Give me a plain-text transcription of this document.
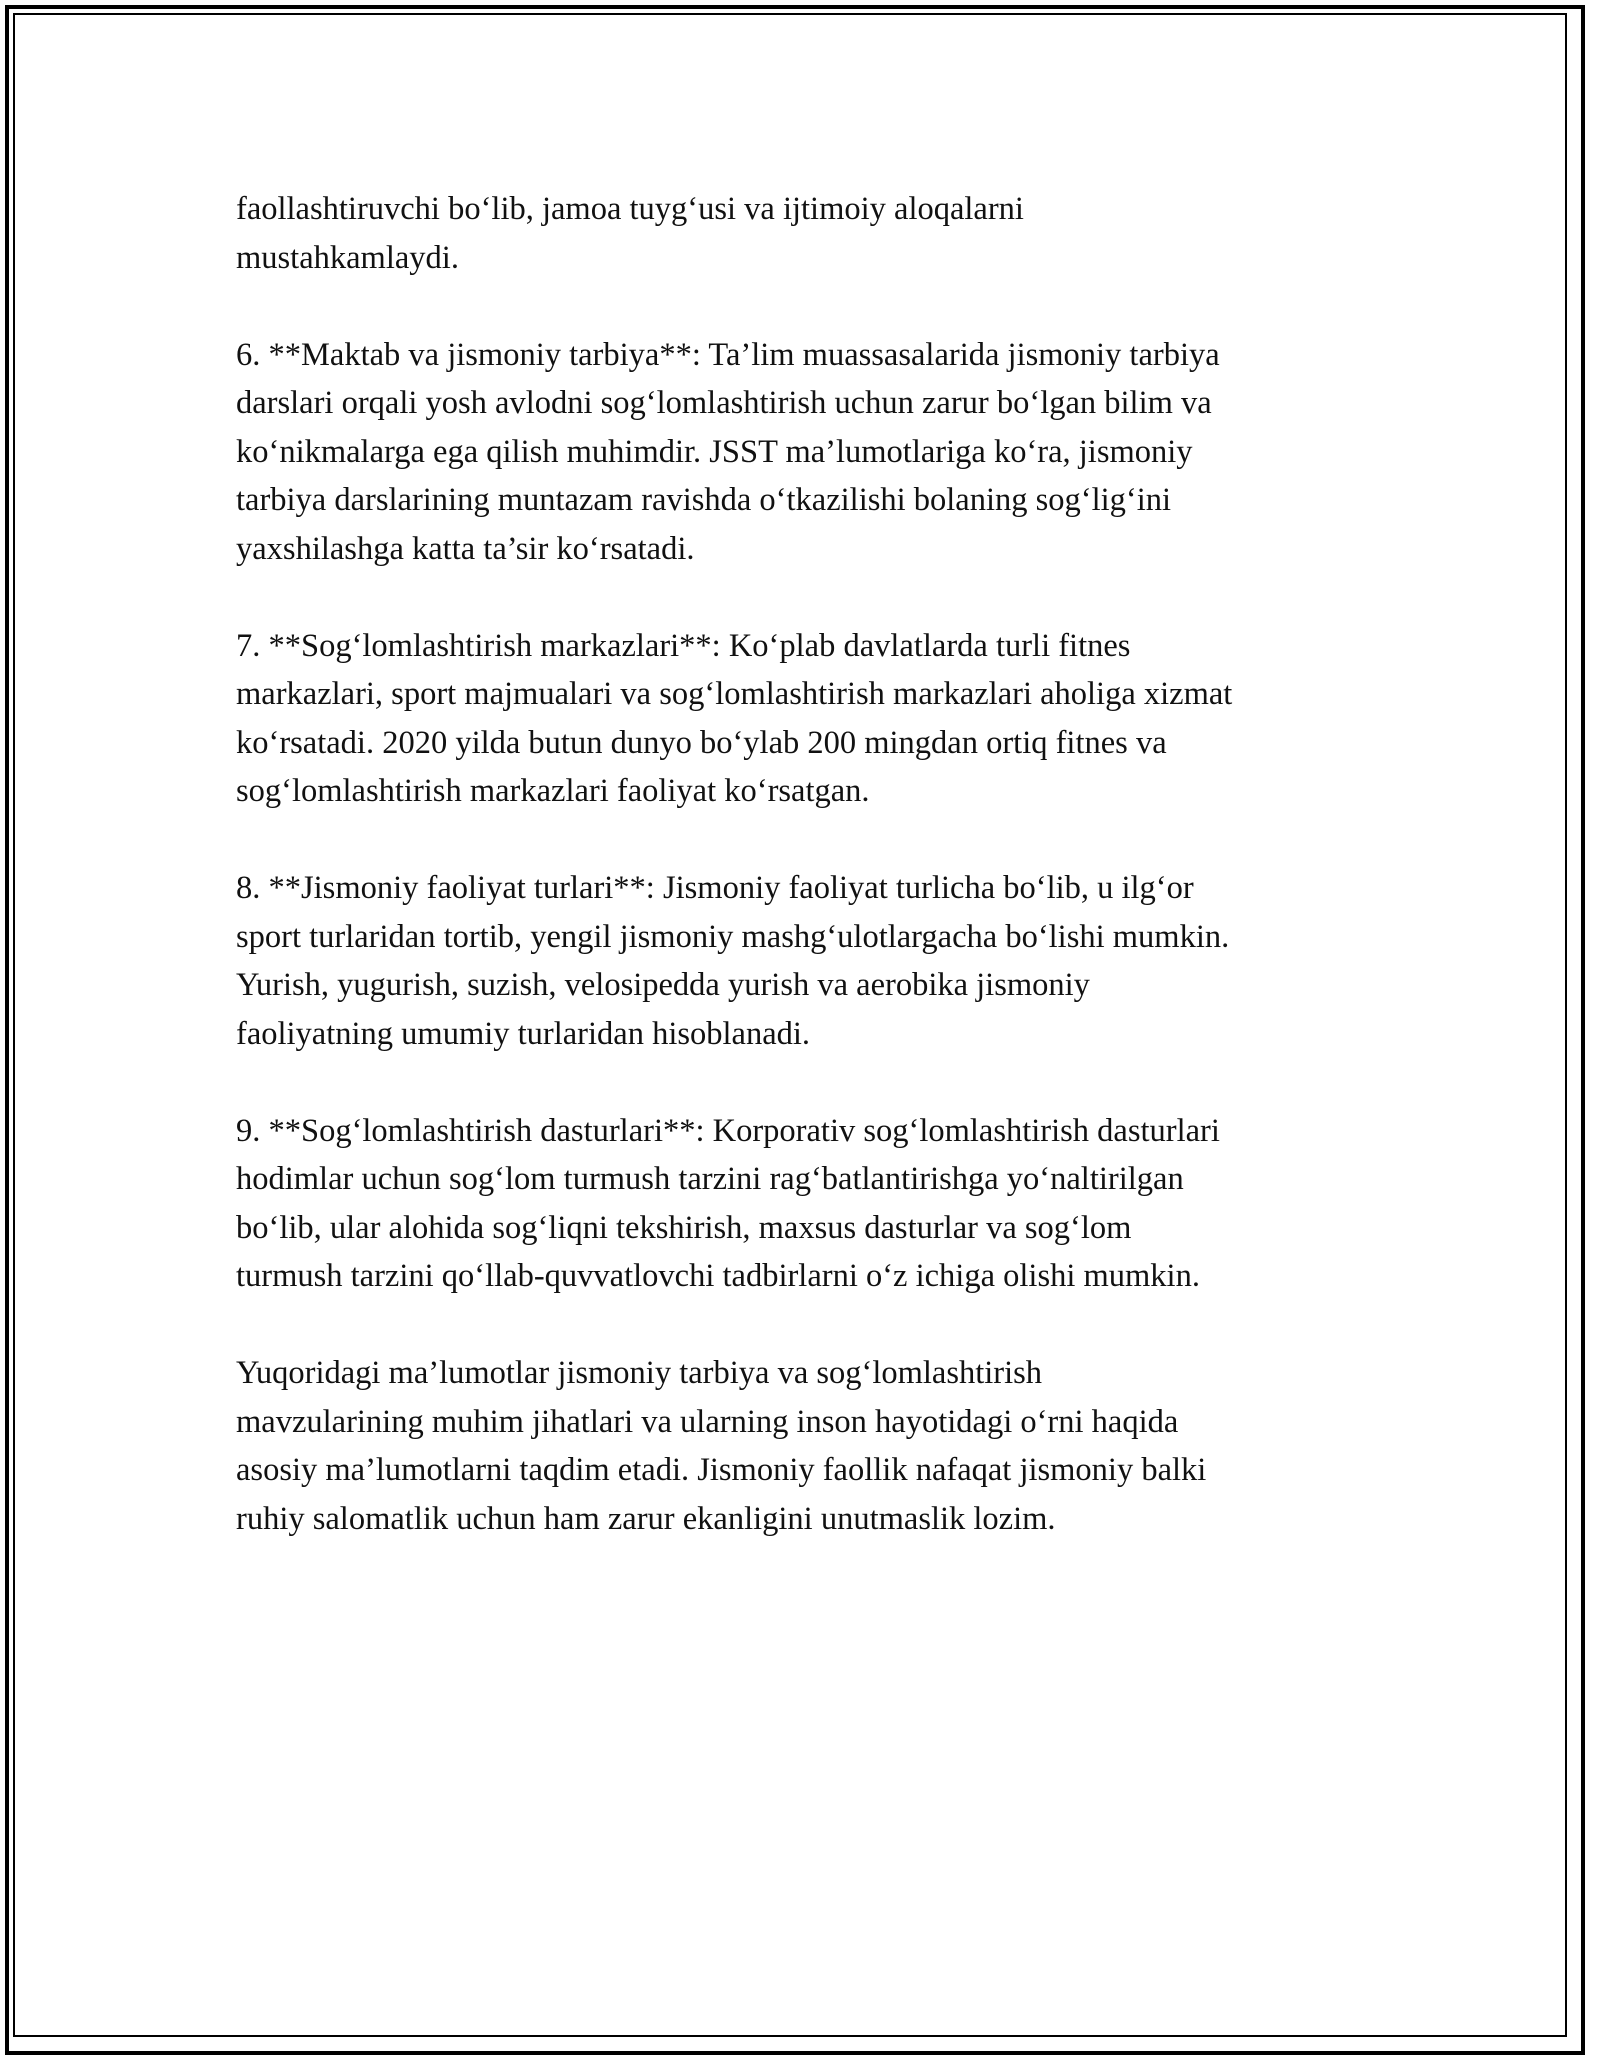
faollashtiruvchi bo‘lib, jamoa tuyg‘usi va ijtimoiy aloqalarni
mustahkamlaydi.

6. **Maktab va jismoniy tarbiya**: Ta’lim muassasalarida jismoniy tarbiya
darslari orqali yosh avlodni sog‘lomlashtirish uchun zarur bo‘lgan bilim va
ko‘nikmalarga ega qilish muhimdir. JSST ma’lumotlariga ko‘ra, jismoniy
tarbiya darslarining muntazam ravishda o‘tkazilishi bolaning sog‘lig‘ini
yaxshilashga katta ta’sir ko‘rsatadi.

7. **Sog‘lomlashtirish markazlari**: Ko‘plab davlatlarda turli fitnes
markazlari, sport majmualari va sog‘lomlashtirish markazlari aholiga xizmat
ko‘rsatadi. 2020 yilda butun dunyo bo‘ylab 200 mingdan ortiq fitnes va
sog‘lomlashtirish markazlari faoliyat ko‘rsatgan.

8. **Jismoniy faoliyat turlari**: Jismoniy faoliyat turlicha bo‘lib, u ilg‘or
sport turlaridan tortib, yengil jismoniy mashg‘ulotlargacha bo‘lishi mumkin.
Yurish, yugurish, suzish, velosipedda yurish va aerobika jismoniy
faoliyatning umumiy turlaridan hisoblanadi.

9. **Sog‘lomlashtirish dasturlari**: Korporativ sog‘lomlashtirish dasturlari
hodimlar uchun sog‘lom turmush tarzini rag‘batlantirishga yo‘naltirilgan
bo‘lib, ular alohida sog‘liqni tekshirish, maxsus dasturlar va sog‘lom
turmush tarzini qo‘llab-quvvatlovchi tadbirlarni o‘z ichiga olishi mumkin.

Yuqoridagi ma’lumotlar jismoniy tarbiya va sog‘lomlashtirish
mavzularining muhim jihatlari va ularning inson hayotidagi o‘rni haqida
asosiy ma’lumotlarni taqdim etadi. Jismoniy faollik nafaqat jismoniy balki
ruhiy salomatlik uchun ham zarur ekanligini unutmaslik lozim.
